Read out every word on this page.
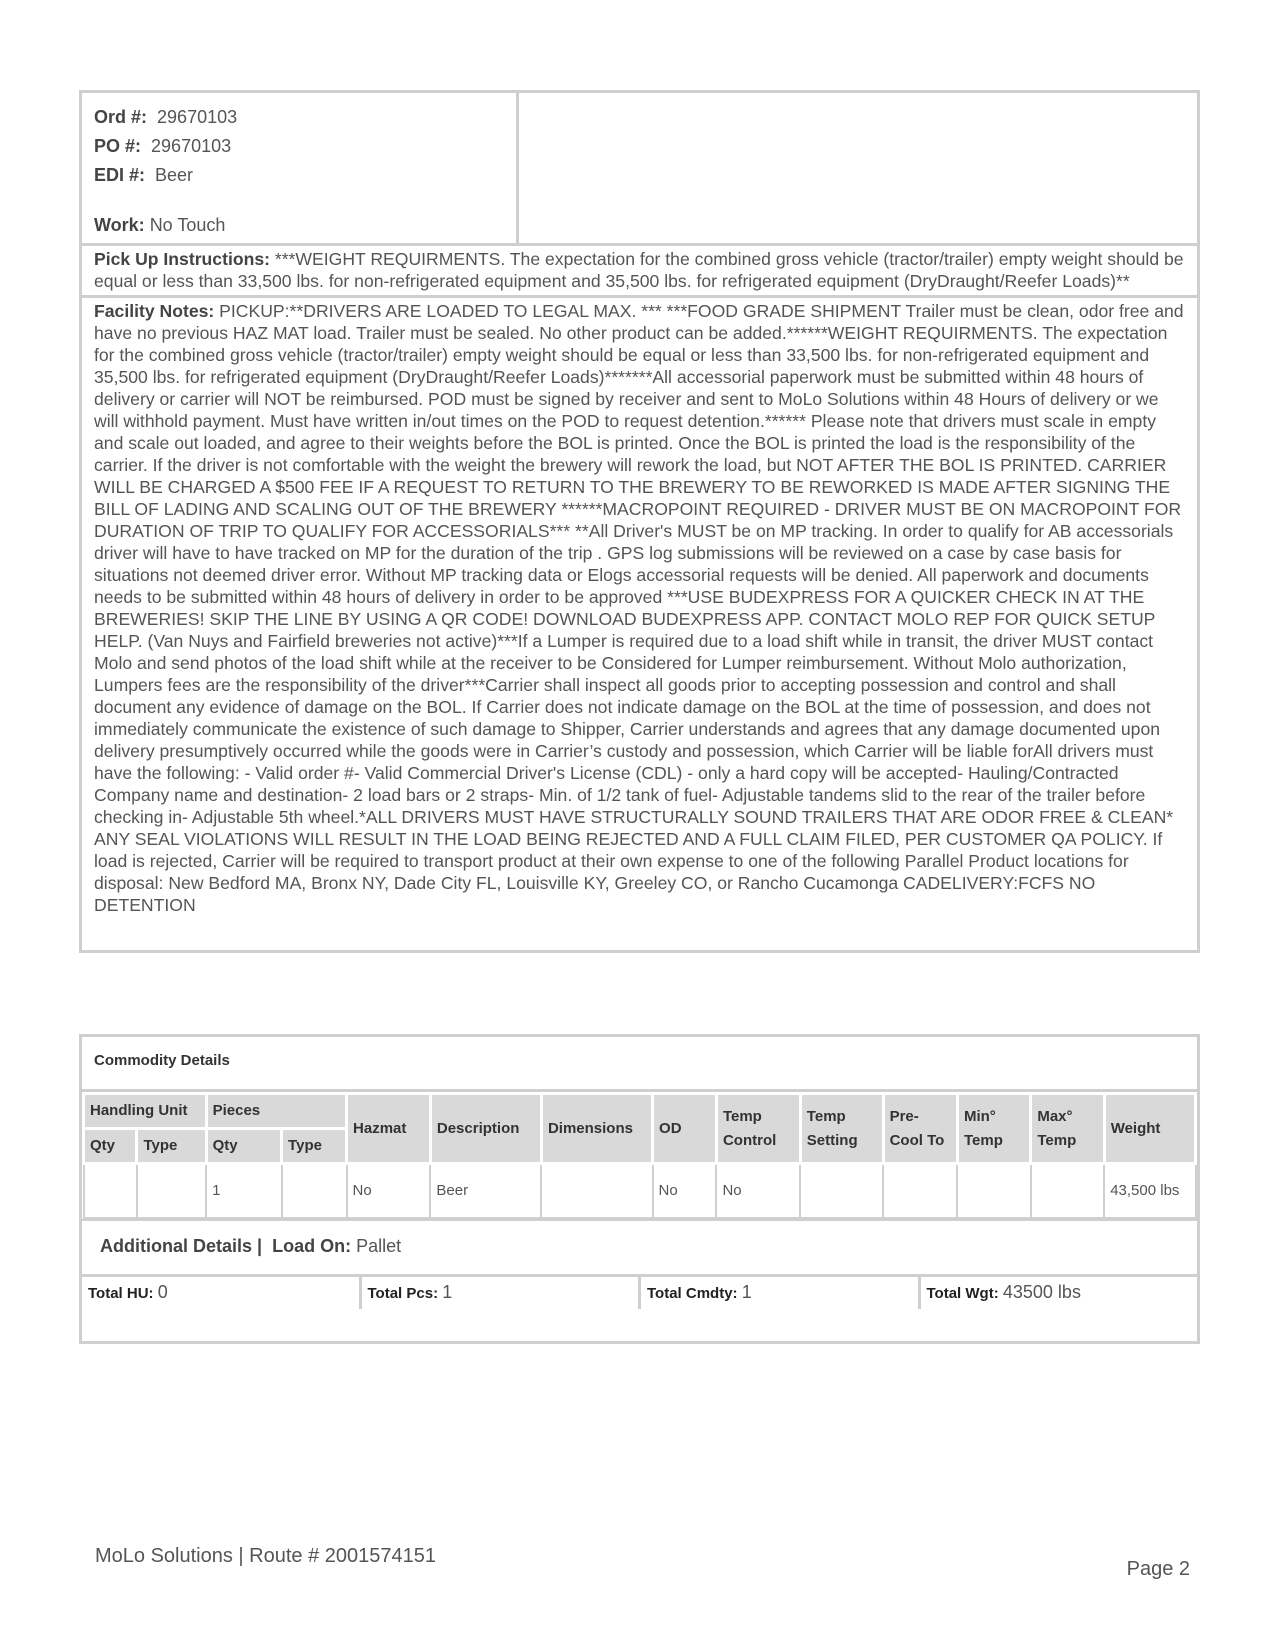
Ord #: 29670103
PO #: 29670103
EDI #: Beer
Work: No Touch
Pick Up Instructions: ***WEIGHT REQUIRMENTS. The expectation for the combined gross vehicle (tractor/trailer) empty weight should be equal or less than 33,500 lbs. for non-refrigerated equipment and 35,500 lbs. for refrigerated equipment (DryDraught/Reefer Loads)**
Facility Notes: PICKUP:**DRIVERS ARE LOADED TO LEGAL MAX. *** ***FOOD GRADE SHIPMENT Trailer must be clean, odor free and have no previous HAZ MAT load. Trailer must be sealed. No other product can be added.******WEIGHT REQUIRMENTS. The expectation for the combined gross vehicle (tractor/trailer) empty weight should be equal or less than 33,500 lbs. for non-refrigerated equipment and 35,500 lbs. for refrigerated equipment (DryDraught/Reefer Loads)*******All accessorial paperwork must be submitted within 48 hours of delivery or carrier will NOT be reimbursed. POD must be signed by receiver and sent to MoLo Solutions within 48 Hours of delivery or we will withhold payment. Must have written in/out times on the POD to request detention.****** Please note that drivers must scale in empty and scale out loaded, and agree to their weights before the BOL is printed. Once the BOL is printed the load is the responsibility of the carrier. If the driver is not comfortable with the weight the brewery will rework the load, but NOT AFTER THE BOL IS PRINTED. CARRIER WILL BE CHARGED A $500 FEE IF A REQUEST TO RETURN TO THE BREWERY TO BE REWORKED IS MADE AFTER SIGNING THE BILL OF LADING AND SCALING OUT OF THE BREWERY ******MACROPOINT REQUIRED - DRIVER MUST BE ON MACROPOINT FOR DURATION OF TRIP TO QUALIFY FOR ACCESSORIALS*** **All Driver's MUST be on MP tracking. In order to qualify for AB accessorials driver will have to have tracked on MP for the duration of the trip . GPS log submissions will be reviewed on a case by case basis for situations not deemed driver error. Without MP tracking data or Elogs accessorial requests will be denied. All paperwork and documents needs to be submitted within 48 hours of delivery in order to be approved ***USE BUDEXPRESS FOR A QUICKER CHECK IN AT THE BREWERIES! SKIP THE LINE BY USING A QR CODE! DOWNLOAD BUDEXPRESS APP. CONTACT MOLO REP FOR QUICK SETUP HELP. (Van Nuys and Fairfield breweries not active)***If a Lumper is required due to a load shift while in transit, the driver MUST contact Molo and send photos of the load shift while at the receiver to be Considered for Lumper reimbursement. Without Molo authorization, Lumpers fees are the responsibility of the driver***Carrier shall inspect all goods prior to accepting possession and control and shall document any evidence of damage on the BOL. If Carrier does not indicate damage on the BOL at the time of possession, and does not immediately communicate the existence of such damage to Shipper, Carrier understands and agrees that any damage documented upon delivery presumptively occurred while the goods were in Carrier’s custody and possession, which Carrier will be liable forAll drivers must have the following: - Valid order #- Valid Commercial Driver's License (CDL) - only a hard copy will be accepted- Hauling/Contracted Company name and destination- 2 load bars or 2 straps- Min. of 1/2 tank of fuel- Adjustable tandems slid to the rear of the trailer before checking in- Adjustable 5th wheel.*ALL DRIVERS MUST HAVE STRUCTURALLY SOUND TRAILERS THAT ARE ODOR FREE & CLEAN* ANY SEAL VIOLATIONS WILL RESULT IN THE LOAD BEING REJECTED AND A FULL CLAIM FILED, PER CUSTOMER QA POLICY. If load is rejected, Carrier will be required to transport product at their own expense to one of the following Parallel Product locations for disposal: New Bedford MA, Bronx NY, Dade City FL, Louisville KY, Greeley CO, or Rancho Cucamonga CADELIVERY:FCFS NO DETENTION
Commodity Details
Handling Unit		Pieces		Hazmat	Description	Dimensions	OD	Temp Control	Temp Setting	Pre-Cool To	Min° Temp	Max° Temp	Weight
Qty	Type	Qty	Type										
		1		No	Beer		No	No					43,500 lbs
Additional Details | Load On: Pallet
Total HU: 0	Total Pcs: 1	Total Cmdty: 1	Total Wgt: 43500 lbs
MoLo Solutions | Route # 2001574151
Page 2
